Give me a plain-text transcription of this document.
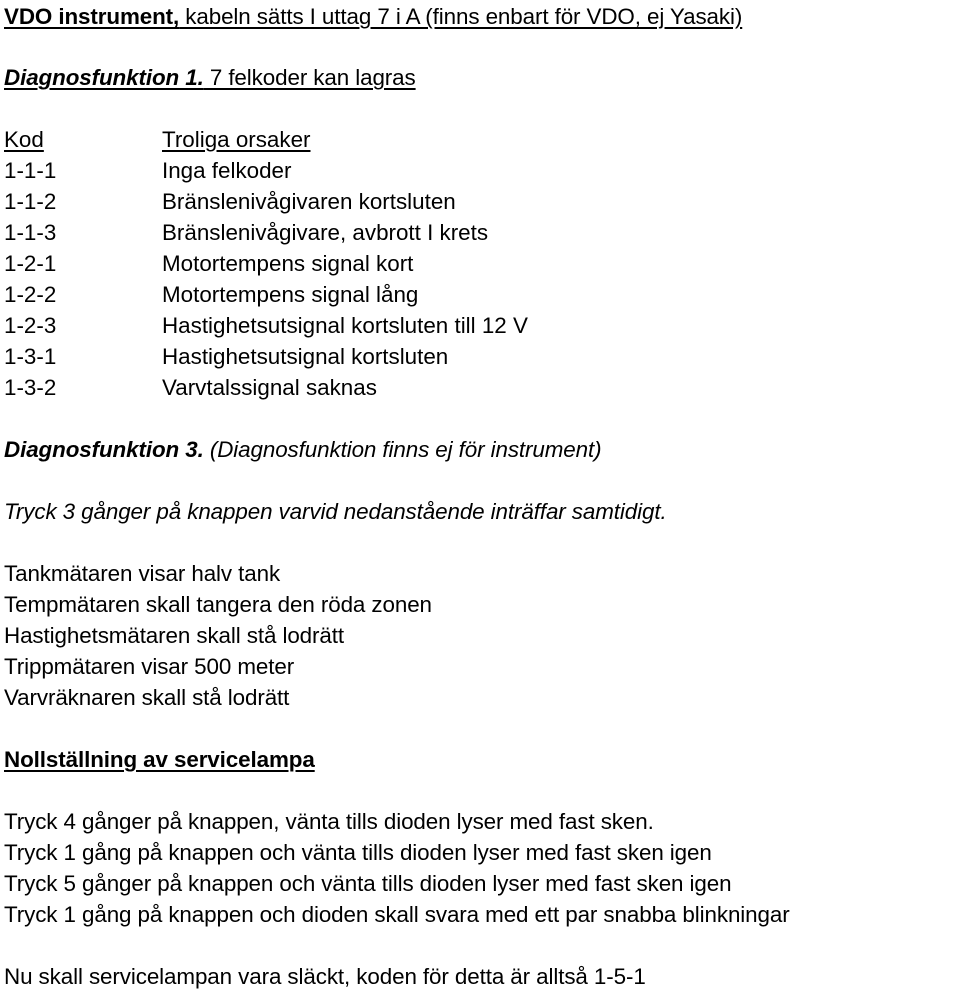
VDO instrument, kabeln sätts I uttag 7 i A (finns enbart för VDO, ej Yasaki)
Diagnosfunktion 1. 7 felkoder kan lagras
Kod	Troliga orsaker
1-1-1	Inga felkoder
1-1-2	Bränslenivågivaren kortsluten
1-1-3	Bränslenivågivare, avbrott I krets
1-2-1	Motortempens signal kort
1-2-2	Motortempens signal lång
1-2-3	Hastighetsutsignal kortsluten till 12 V
1-3-1	Hastighetsutsignal kortsluten
1-3-2	Varvtalssignal saknas
Diagnosfunktion 3. (Diagnosfunktion finns ej för instrument)
Tryck 3 gånger på knappen varvid nedanstående inträffar samtidigt.
Tankmätaren visar halv tank
Tempmätaren skall tangera den röda zonen
Hastighetsmätaren skall stå lodrätt
Trippmätaren visar 500 meter
Varvräknaren skall stå lodrätt
Nollställning av servicelampa
Tryck 4 gånger på knappen, vänta tills dioden lyser med fast sken.
Tryck 1 gång på knappen och vänta tills dioden lyser med fast sken igen
Tryck 5 gånger på knappen och vänta tills dioden lyser med fast sken igen
Tryck 1 gång på knappen och dioden skall svara med ett par snabba blinkningar
Nu skall servicelampan vara släckt, koden för detta är alltså 1-5-1
